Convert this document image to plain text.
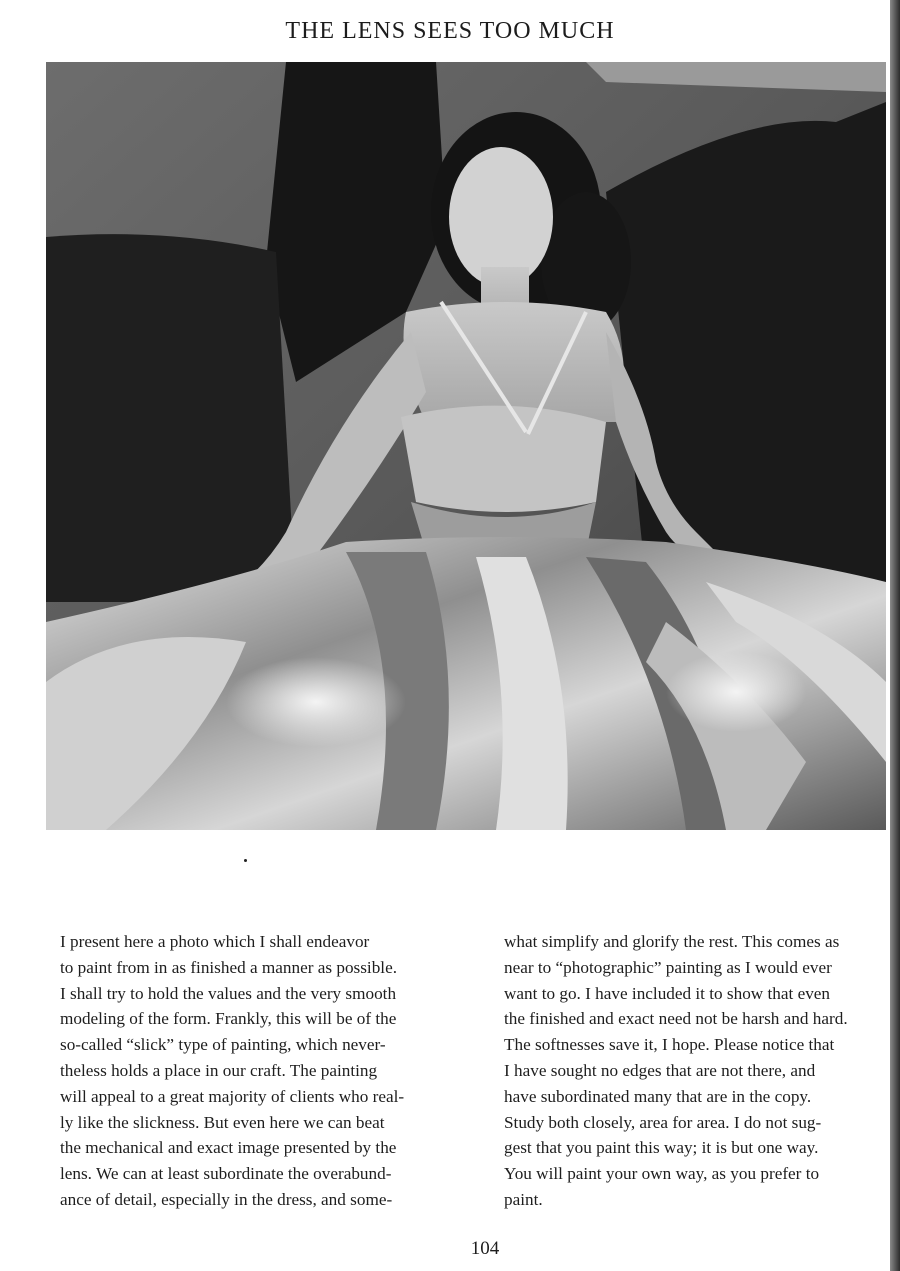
THE LENS SEES TOO MUCH
I present here a photo which I shall endeavor
to paint from in as finished a manner as possible.
I shall try to hold the values and the very smooth
modeling of the form. Frankly, this will be of the
so-called “slick” type of painting, which never-
theless holds a place in our craft. The painting
will appeal to a great majority of clients who real-
ly like the slickness. But even here we can beat
the mechanical and exact image presented by the
lens. We can at least subordinate the overabund-
ance of detail, especially in the dress, and some-
what simplify and glorify the rest. This comes as
near to “photographic” painting as I would ever
want to go. I have included it to show that even
the finished and exact need not be harsh and hard.
The softnesses save it, I hope. Please notice that
I have sought no edges that are not there, and
have subordinated many that are in the copy.
Study both closely, area for area. I do not sug-
gest that you paint this way; it is but one way.
You will paint your own way, as you prefer to
paint.
104
